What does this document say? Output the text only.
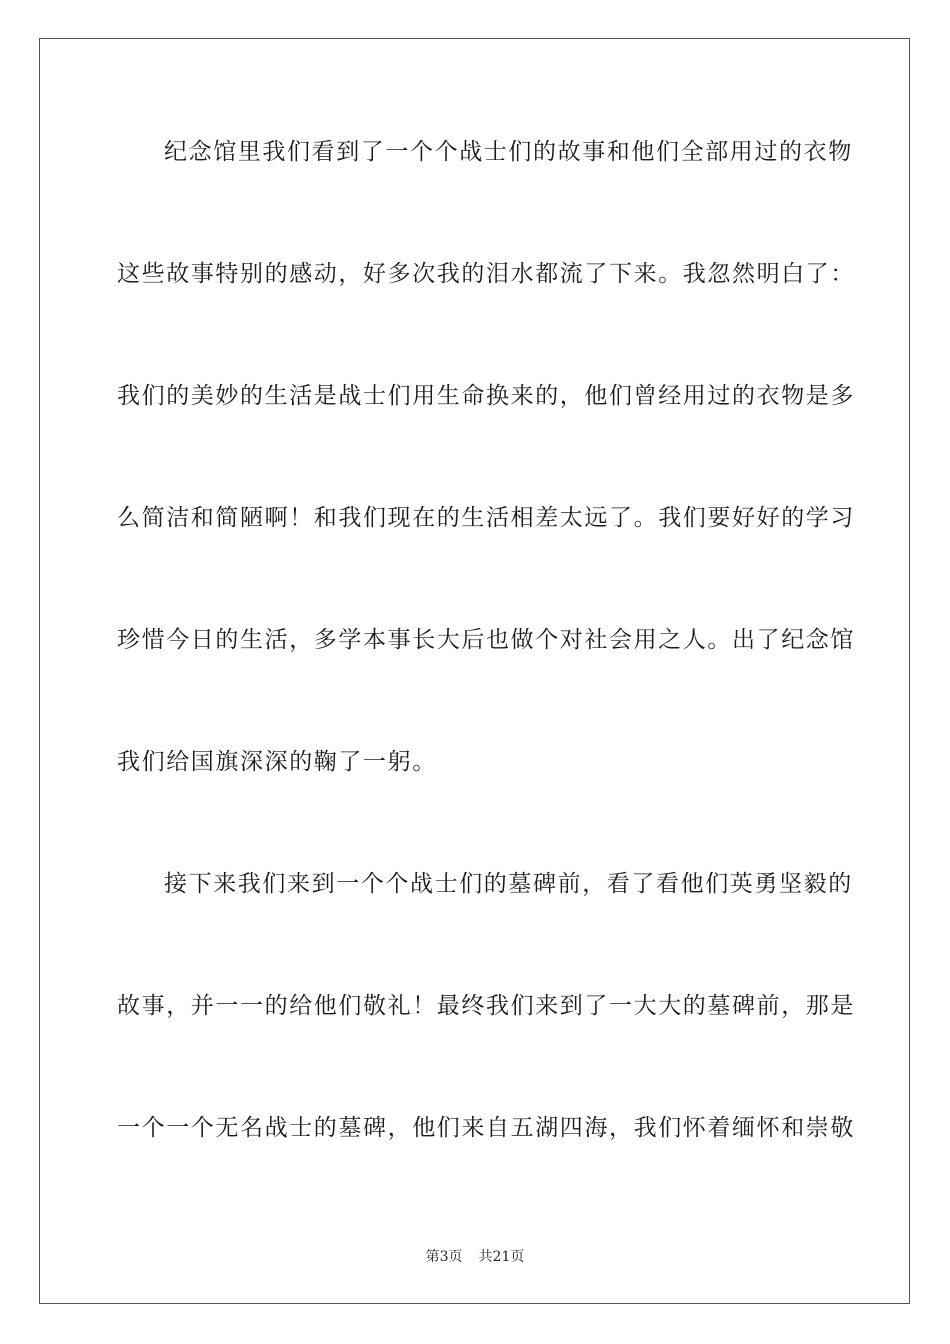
纪念馆里我们看到了一个个战士们的故事和他们全部用过的衣物
这些故事特别的感动，好多次我的泪水都流了下来。我忽然明白了：
我们的美妙的生活是战士们用生命换来的，他们曾经用过的衣物是多
么简洁和简陋啊！和我们现在的生活相差太远了。我们要好好的学习
珍惜今日的生活，多学本事长大后也做个对社会用之人。出了纪念馆
我们给国旗深深的鞠了一躬。
接下来我们来到一个个战士们的墓碑前，看了看他们英勇坚毅的
故事，并一一的给他们敬礼！最终我们来到了一大大的墓碑前，那是
一个一个无名战士的墓碑，他们来自五湖四海，我们怀着缅怀和崇敬
第3页 共21页
